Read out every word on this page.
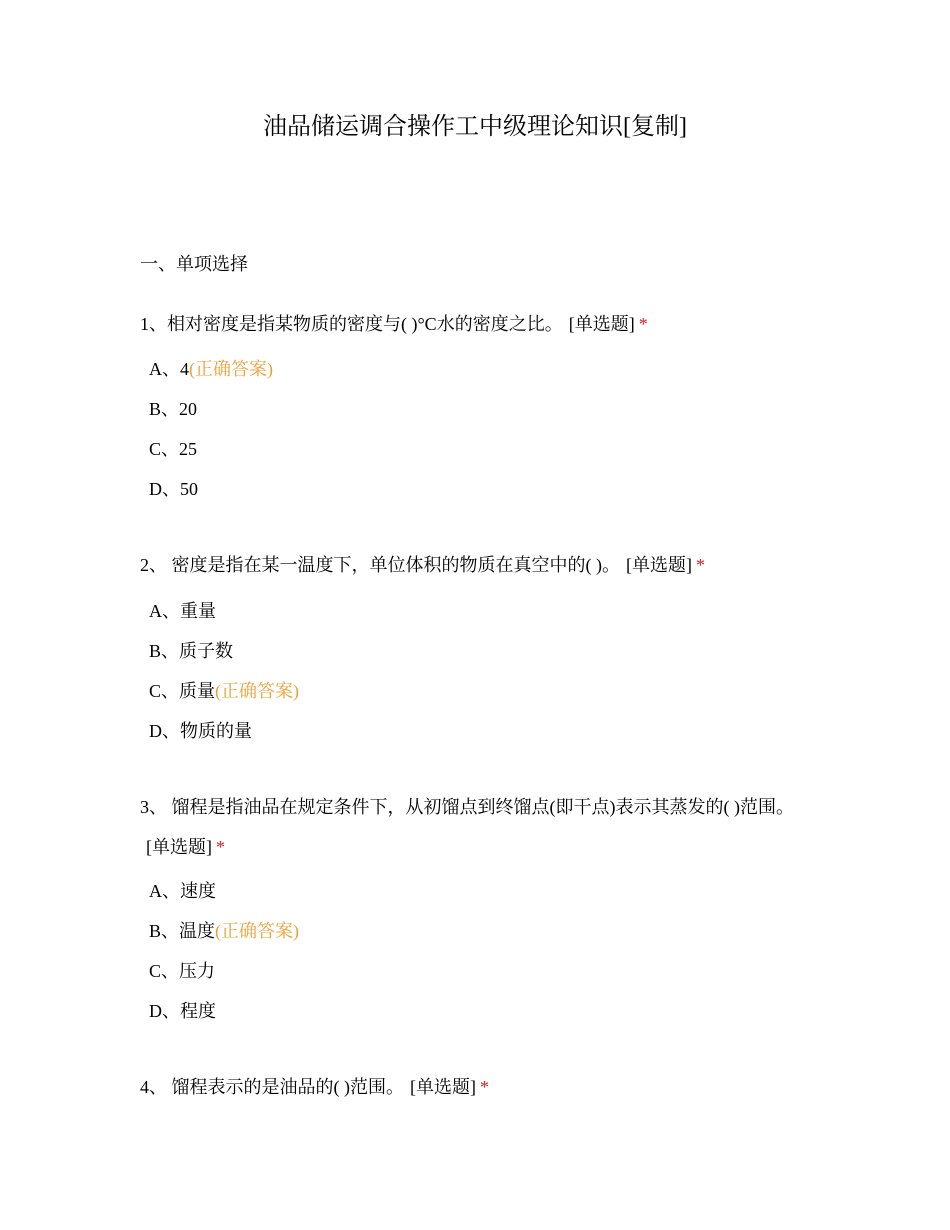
油品储运调合操作工中级理论知识[复制]
一、单项选择
1、相对密度是指某物质的密度与( )°C水的密度之比。 [单选题] *
A、4(正确答案)
B、20
C、25
D、50
2、 密度是指在某一温度下，单位体积的物质在真空中的( )。 [单选题] *
A、重量
B、质子数
C、质量(正确答案)
D、物质的量
3、 馏程是指油品在规定条件下，从初馏点到终馏点(即干点)表示其蒸发的( )范围。[单选题] *
A、速度
B、温度(正确答案)
C、压力
D、程度
4、 馏程表示的是油品的( )范围。 [单选题] *
